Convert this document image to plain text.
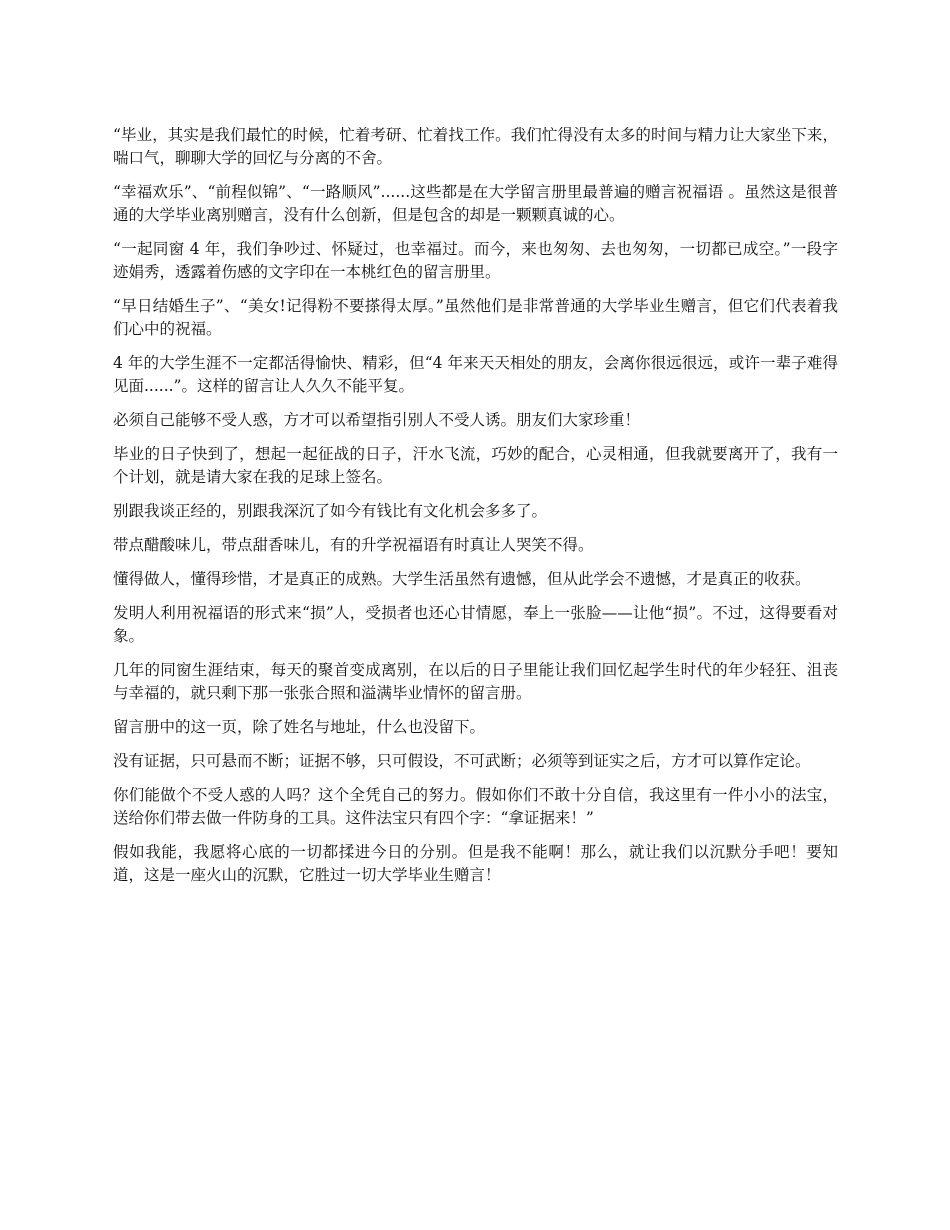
“毕业，其实是我们最忙的时候，忙着考研、忙着找工作。我们忙得没有太多的时间与精力让大家坐下来，喘口气，聊聊大学的回忆与分离的不舍。

“幸福欢乐”、“前程似锦”、“一路顺风”......这些都是在大学留言册里最普遍的赠言祝福语 。虽然这是很普通的大学毕业离别赠言，没有什么创新，但是包含的却是一颗颗真诚的心。

“一起同窗 4 年，我们争吵过、怀疑过，也幸福过。而今，来也匆匆、去也匆匆，一切都已成空。”一段字迹娟秀，透露着伤感的文字印在一本桃红色的留言册里。

“早日结婚生子”、“美女!记得粉不要搽得太厚。”虽然他们是非常普通的大学毕业生赠言，但它们代表着我们心中的祝福。

4 年的大学生涯不一定都活得愉快、精彩，但“4 年来天天相处的朋友，会离你很远很远，或许一辈子难得见面......”。这样的留言让人久久不能平复。

必须自己能够不受人惑，方才可以希望指引别人不受人诱。朋友们大家珍重！

毕业的日子快到了，想起一起征战的日子，汗水飞流，巧妙的配合，心灵相通，但我就要离开了，我有一个计划，就是请大家在我的足球上签名。

别跟我谈正经的，别跟我深沉了如今有钱比有文化机会多多了。

带点醋酸味儿，带点甜香味儿，有的升学祝福语有时真让人哭笑不得。

懂得做人，懂得珍惜，才是真正的成熟。大学生活虽然有遗憾，但从此学会不遗憾，才是真正的收获。

发明人利用祝福语的形式来“损”人，受损者也还心甘情愿，奉上一张脸——让他“损”。不过，这得要看对象。

几年的同窗生涯结束，每天的聚首变成离别，在以后的日子里能让我们回忆起学生时代的年少轻狂、沮丧与幸福的，就只剩下那一张张合照和溢满毕业情怀的留言册。

留言册中的这一页，除了姓名与地址，什么也没留下。

没有证据，只可悬而不断；证据不够，只可假设，不可武断；必须等到证实之后，方才可以算作定论。

你们能做个不受人惑的人吗？这个全凭自己的努力。假如你们不敢十分自信，我这里有一件小小的法宝，送给你们带去做一件防身的工具。这件法宝只有四个字：“拿证据来！”

假如我能，我愿将心底的一切都揉进今日的分别。但是我不能啊！那么，就让我们以沉默分手吧！要知道，这是一座火山的沉默，它胜过一切大学毕业生赠言！
